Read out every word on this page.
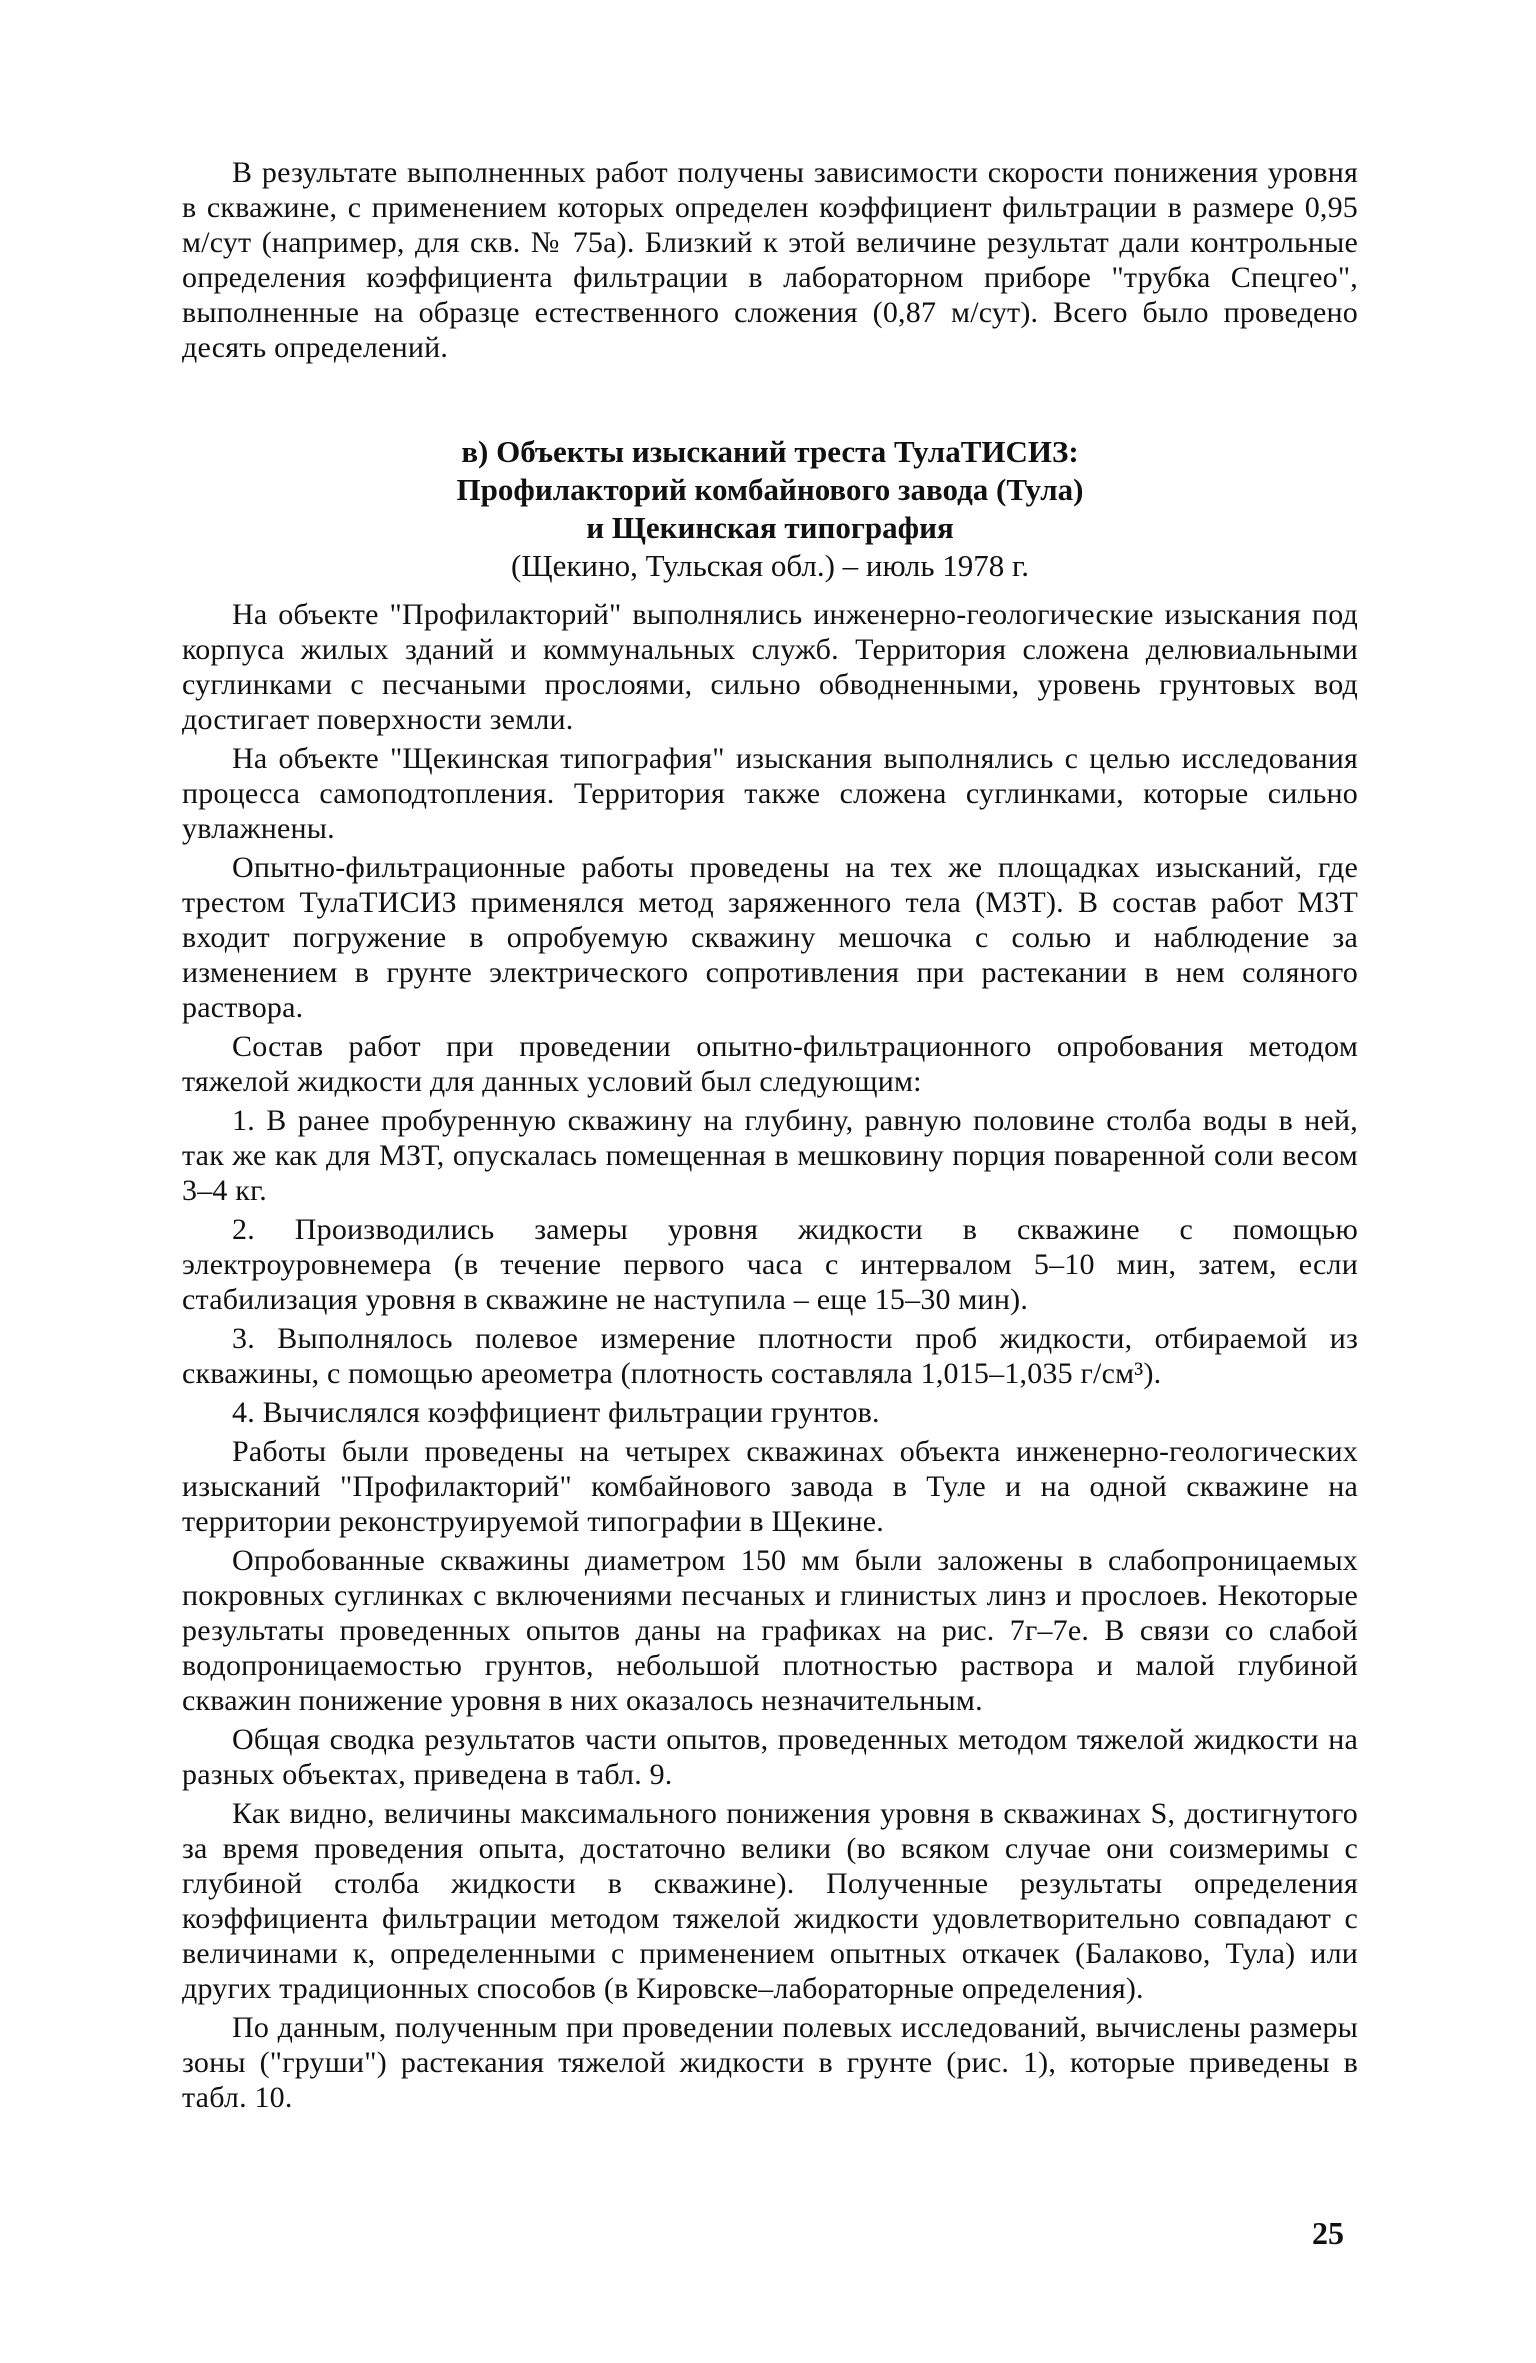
В результате выполненных работ получены зависимости скорости понижения уровня в скважине, с применением которых определен коэффициент фильтрации в размере 0,95 м/сут (например, для скв. № 75а). Близкий к этой величине результат дали контрольные определения коэффициента фильтрации в лабораторном приборе "трубка Спецгео", выполненные на образце естественного сложения (0,87 м/сут). Всего было проведено десять определений.

в) Объекты изысканий треста ТулаТИСИЗ:
Профилакторий комбайнового завода (Тула)
и Щекинская типография
(Щекино, Тульская обл.) – июль 1978 г.

На объекте "Профилакторий" выполнялись инженерно-геологические изыскания под корпуса жилых зданий и коммунальных служб. Территория сложена делювиальными суглинками с песчаными прослоями, сильно обводненными, уровень грунтовых вод достигает поверхности земли.

На объекте "Щекинская типография" изыскания выполнялись с целью исследования процесса самоподтопления. Территория также сложена суглинками, которые сильно увлажнены.

Опытно-фильтрационные работы проведены на тех же площадках изысканий, где трестом ТулаТИСИЗ применялся метод заряженного тела (МЗТ). В состав работ МЗТ входит погружение в опробуемую скважину мешочка с солью и наблюдение за изменением в грунте электрического сопротивления при растекании в нем соляного раствора.

Состав работ при проведении опытно-фильтрационного опробования методом тяжелой жидкости для данных условий был следующим:

1. В ранее пробуренную скважину на глубину, равную половине столба воды в ней, так же как для МЗТ, опускалась помещенная в мешковину порция поваренной соли весом 3–4 кг.

2. Производились замеры уровня жидкости в скважине с помощью электроуровнемера (в течение первого часа с интервалом 5–10 мин, затем, если стабилизация уровня в скважине не наступила – еще 15–30 мин).

3. Выполнялось полевое измерение плотности проб жидкости, отбираемой из скважины, с помощью ареометра (плотность составляла 1,015–1,035 г/см³).

4. Вычислялся коэффициент фильтрации грунтов.

Работы были проведены на четырех скважинах объекта инженерно-геологических изысканий "Профилакторий" комбайнового завода в Туле и на одной скважине на территории реконструируемой типографии в Щекине.

Опробованные скважины диаметром 150 мм были заложены в слабопроницаемых покровных суглинках с включениями песчаных и глинистых линз и прослоев. Некоторые результаты проведенных опытов даны на графиках на рис. 7г–7е. В связи со слабой водопроницаемостью грунтов, небольшой плотностью раствора и малой глубиной скважин понижение уровня в них оказалось незначительным.

Общая сводка результатов части опытов, проведенных методом тяжелой жидкости на разных объектах, приведена в табл. 9.

Как видно, величины максимального понижения уровня в скважинах S, достигнутого за время проведения опыта, достаточно велики (во всяком случае они соизмеримы с глубиной столба жидкости в скважине). Полученные результаты определения коэффициента фильтрации методом тяжелой жидкости удовлетворительно совпадают с величинами к, определенными с применением опытных откачек (Балаково, Тула) или других традиционных способов (в Кировске–лабораторные определения).

По данным, полученным при проведении полевых исследований, вычислены размеры зоны ("груши") растекания тяжелой жидкости в грунте (рис. 1), которые приведены в табл. 10.

25
